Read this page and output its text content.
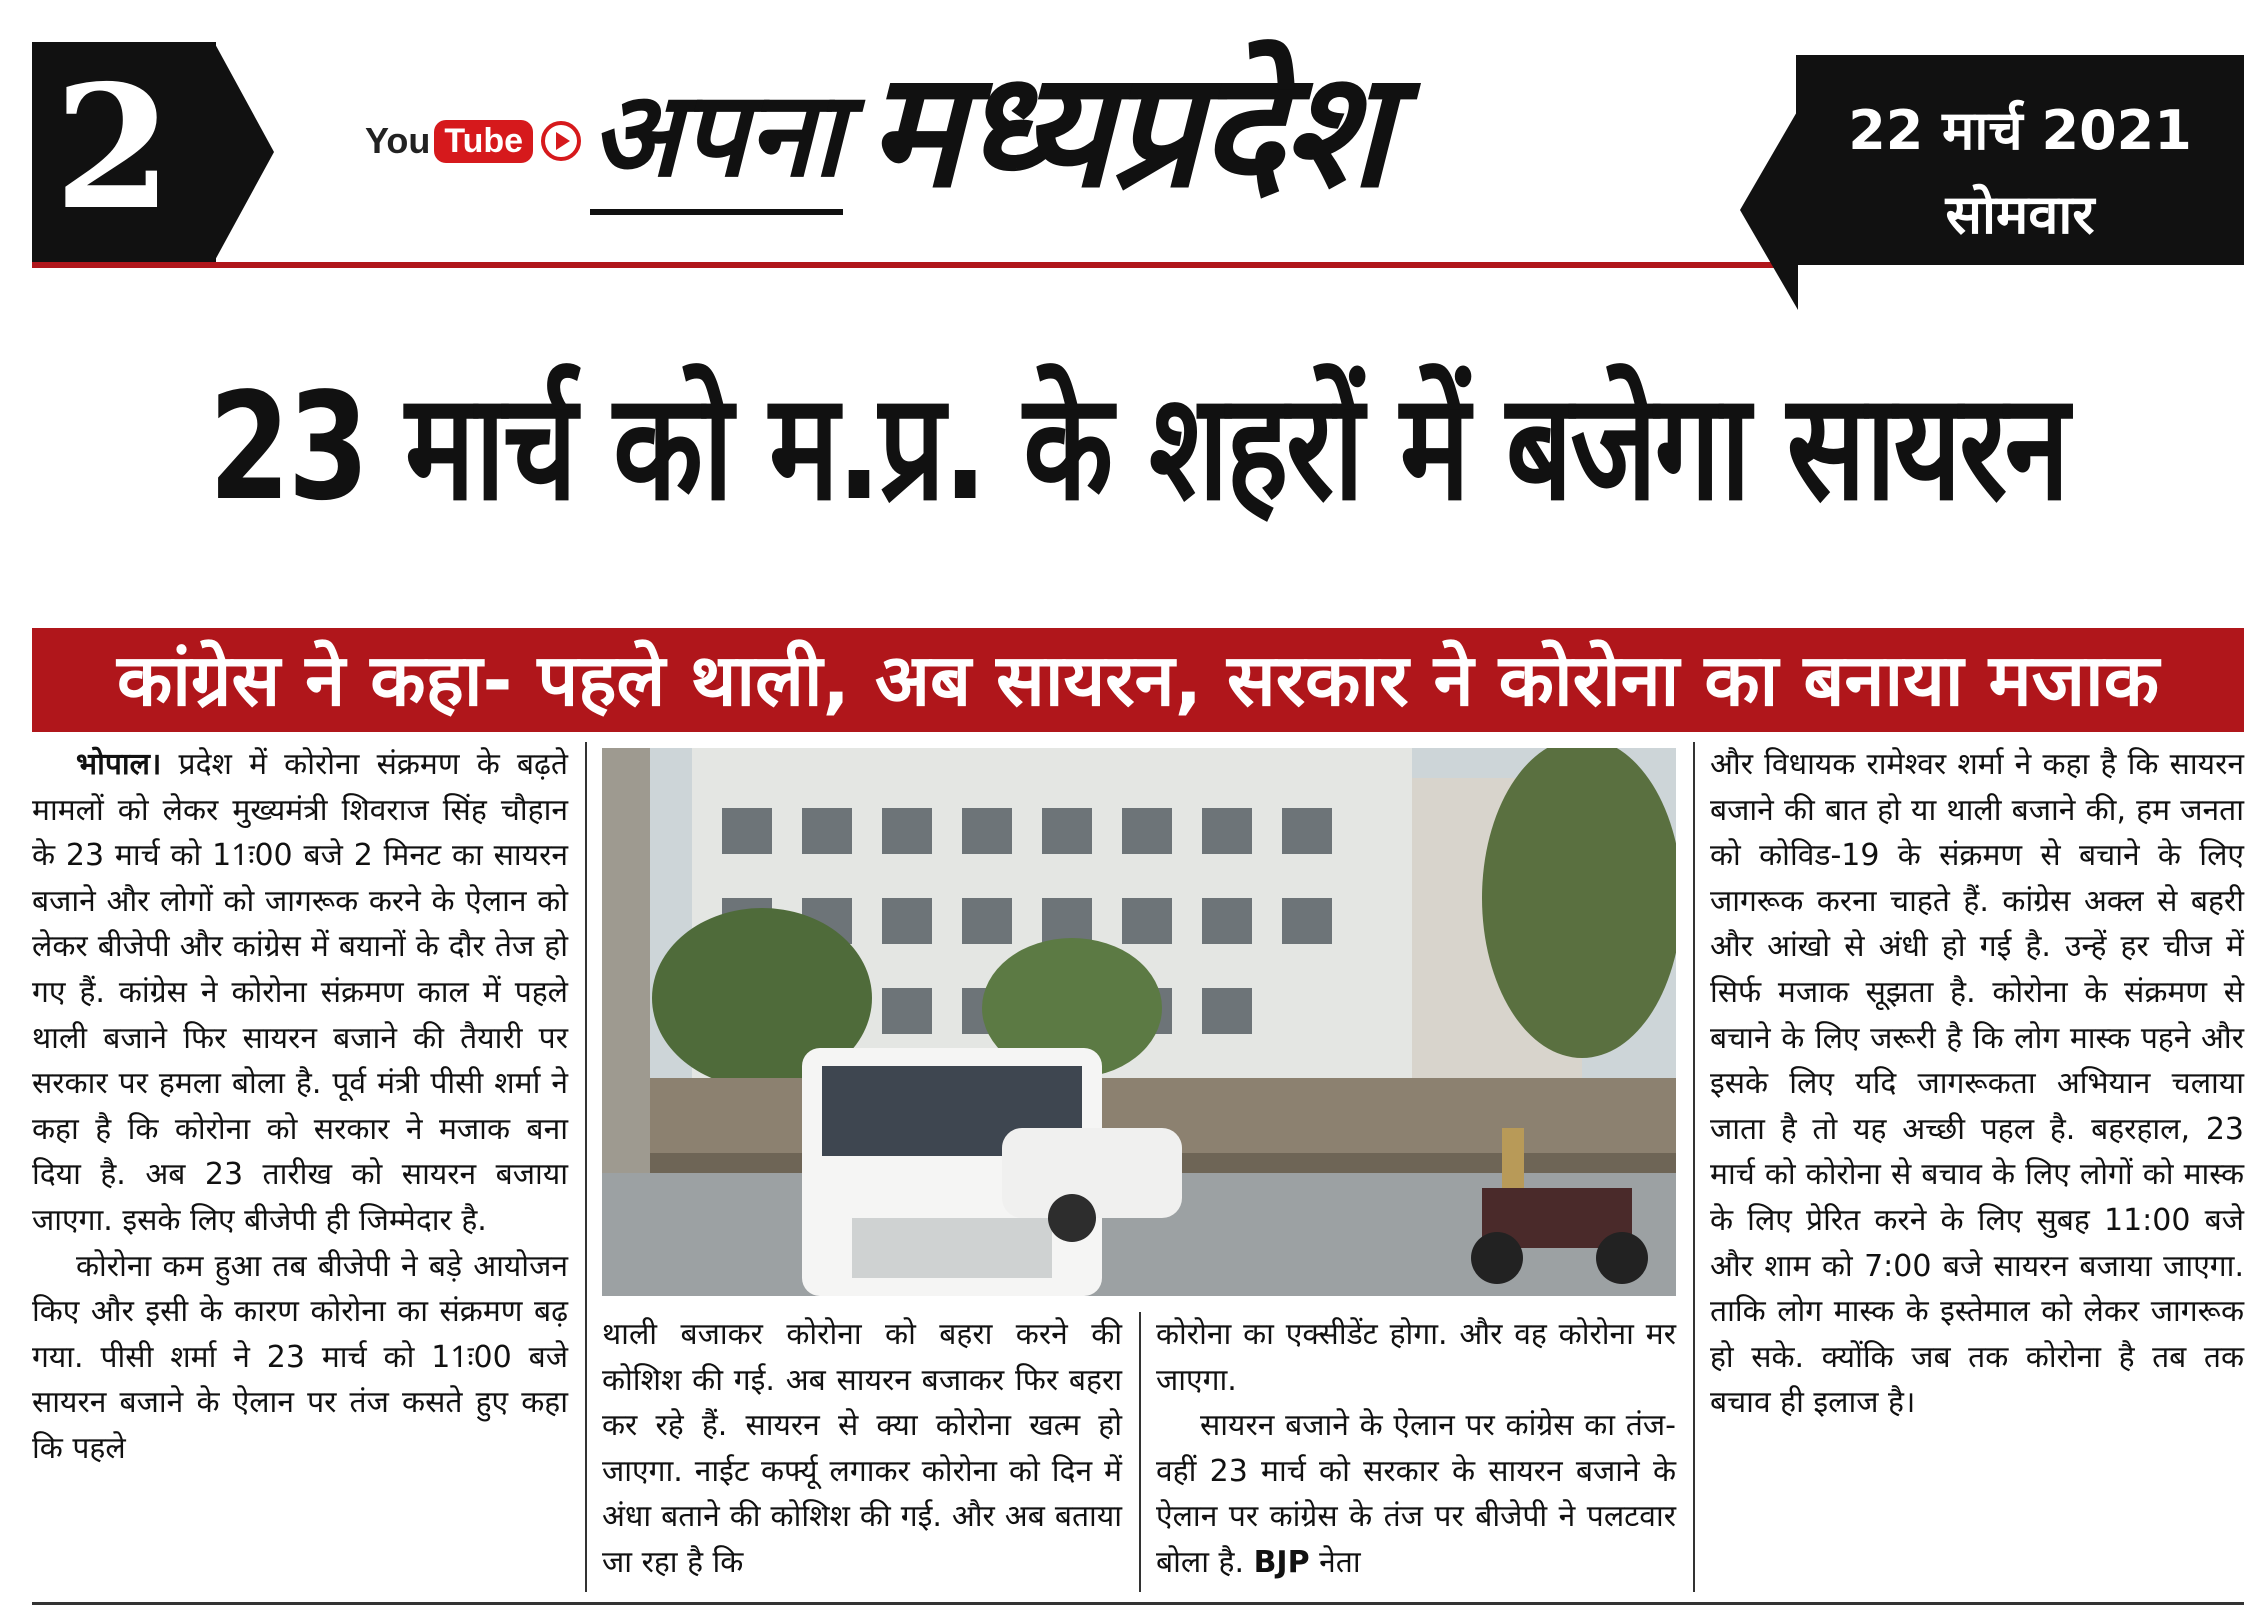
2	You Tube अपना मध्यप्रदेश	22 मार्च 2021
सोमवार
23 मार्च को म.प्र. के शहरों में बजेगा सायरन
कांग्रेस ने कहा- पहले थाली, अब सायरन, सरकार ने कोरोना का बनाया मजाक

भोपाल। प्रदेश में कोरोना संक्रमण के बढ़ते मामलों को लेकर मुख्यमंत्री शिवराज सिंह चौहान के 23 मार्च को 11ः00 बजे 2 मिनट का सायरन बजाने और लोगों को जागरूक करने के ऐलान को लेकर बीजेपी और कांग्रेस में बयानों के दौर तेज हो गए हैं. कांग्रेस ने कोरोना संक्रमण काल में पहले थाली बजाने फिर सायरन बजाने की तैयारी पर सरकार पर हमला बोला है. पूर्व मंत्री पीसी शर्मा ने कहा है कि कोरोना को सरकार ने मजाक बना दिया है. अब 23 तारीख को सायरन बजाया जाएगा. इसके लिए बीजेपी ही जिम्मेदार है.

कोरोना कम हुआ तब बीजेपी ने बड़े आयोजन किए और इसी के कारण कोरोना का संक्रमण बढ़ गया. पीसी शर्मा ने 23 मार्च को 11ः00 बजे सायरन बजाने के ऐलान पर तंज कसते हुए कहा कि पहले

थाली बजाकर कोरोना को बहरा करने की कोशिश की गई. अब सायरन बजाकर फिर बहरा कर रहे हैं. सायरन से क्या कोरोना खत्म हो जाएगा. नाईट कर्फ्यू लगाकर कोरोना को दिन में अंधा बताने की कोशिश की गई. और अब बताया जा रहा है कि

कोरोना का एक्सीडेंट होगा. और वह कोरोना मर जाएगा.

सायरन बजाने के ऐलान पर कांग्रेस का तंज- वहीं 23 मार्च को सरकार के सायरन बजाने के ऐलान पर कांग्रेस के तंज पर बीजेपी ने पलटवार बोला है. BJP नेता

और विधायक रामेश्वर शर्मा ने कहा है कि सायरन बजाने की बात हो या थाली बजाने की, हम जनता को कोविड-19 के संक्रमण से बचाने के लिए जागरूक करना चाहते हैं. कांग्रेस अक्ल से बहरी और आंखो से अंधी हो गई है. उन्हें हर चीज में सिर्फ मजाक सूझता है. कोरोना के संक्रमण से बचाने के लिए जरूरी है कि लोग मास्क पहने और इसके लिए यदि जागरूकता अभियान चलाया जाता है तो यह अच्छी पहल है. बहरहाल, 23 मार्च को कोरोना से बचाव के लिए लोगों को मास्क के लिए प्रेरित करने के लिए सुबह 11:00 बजे और शाम को 7:00 बजे सायरन बजाया जाएगा. ताकि लोग मास्क के इस्तेमाल को लेकर जागरूक हो सके. क्योंकि जब तक कोरोना है तब तक बचाव ही इलाज है।
